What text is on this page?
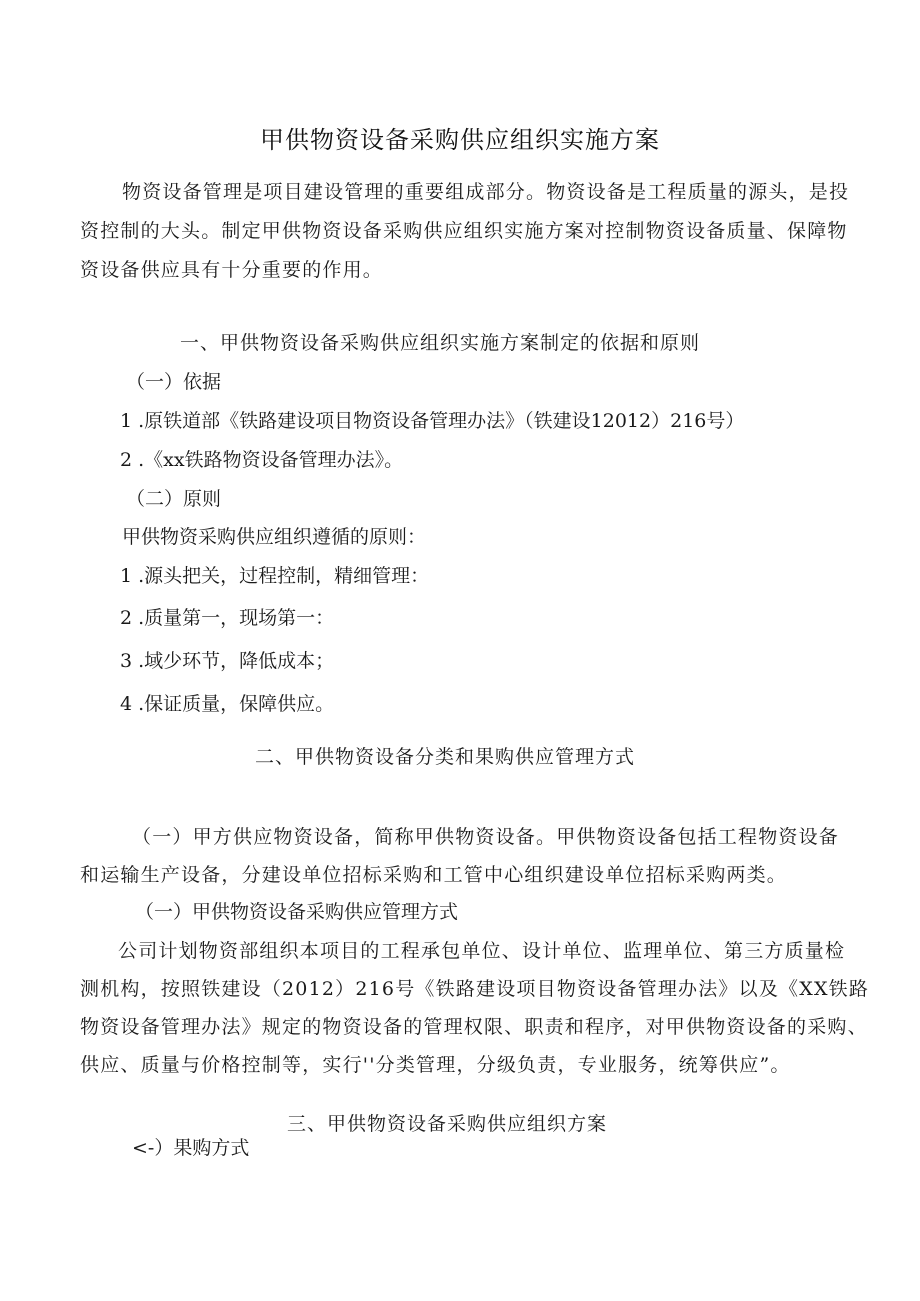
甲供物资设备采购供应组织实施方案
物资设备管理是项目建设管理的重要组成部分。物资设备是工程质量的源头，是投
资控制的大头。制定甲供物资设备采购供应组织实施方案对控制物资设备质量、保障物
资设备供应具有十分重要的作用。
一、甲供物资设备采购供应组织实施方案制定的依据和原则
（一）依据
1 .原铁道部《铁路建设项目物资设备管理办法》（铁建设12012）216号）
2 .《xx铁路物资设备管理办法》。
（二）原则
甲供物资采购供应组织遵循的原则：
1 .源头把关，过程控制，精细管理：
2 .质量第一，现场第一：
3 .域少环节，降低成本；
4 .保证质量，保障供应。
二、甲供物资设备分类和果购供应管理方式
（一）甲方供应物资设备，简称甲供物资设备。甲供物资设备包括工程物资设备
和运输生产设备，分建设单位招标采购和工管中心组织建设单位招标采购两类。
（一）甲供物资设备采购供应管理方式
公司计划物资部组织本项目的工程承包单位、设计单位、监理单位、第三方质量检
测机构，按照铁建设（2012）216号《铁路建设项目物资设备管理办法》以及《XX铁路
物资设备管理办法》规定的物资设备的管理权限、职责和程序，对甲供物资设备的采购、
供应、质量与价格控制等，实行''分类管理，分级负责，专业服务，统筹供应”。
三、甲供物资设备采购供应组织方案
<-）果购方式
